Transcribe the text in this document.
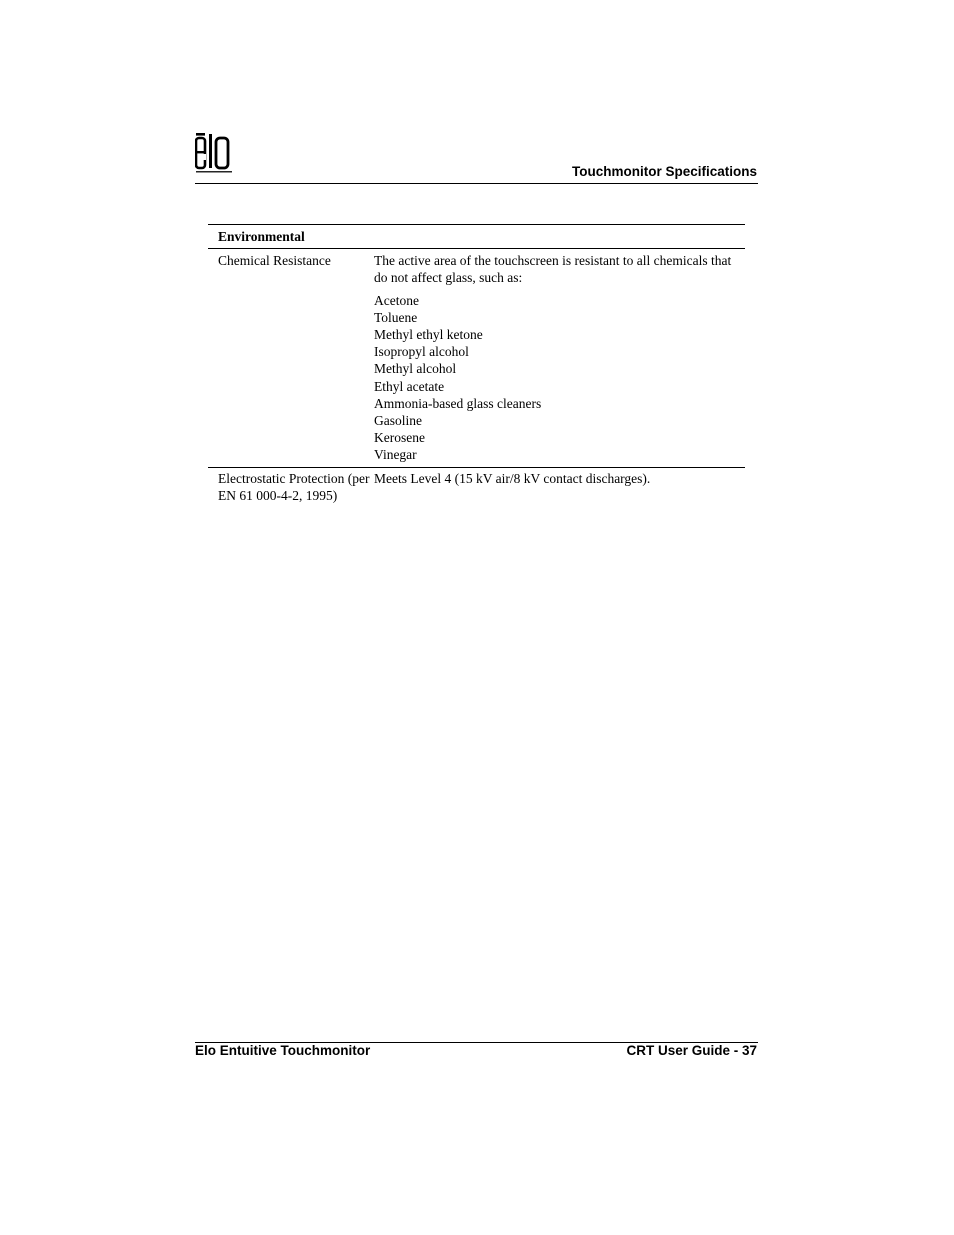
Touchmonitor Specifications
Environmental
Chemical Resistance	The active area of the touchscreen is resistant to all chemicals that do not affect glass, such as:

Acetone
Toluene
Methyl ethyl ketone
Isopropyl alcohol
Methyl alcohol
Ethyl acetate
Ammonia-based glass cleaners
Gasoline
Kerosene
Vinegar
Electrostatic Protection (per EN 61 000-4-2, 1995)
Meets Level 4 (15 kV air/8 kV contact discharges).
Elo Entuitive Touchmonitor	CRT User Guide - 37
